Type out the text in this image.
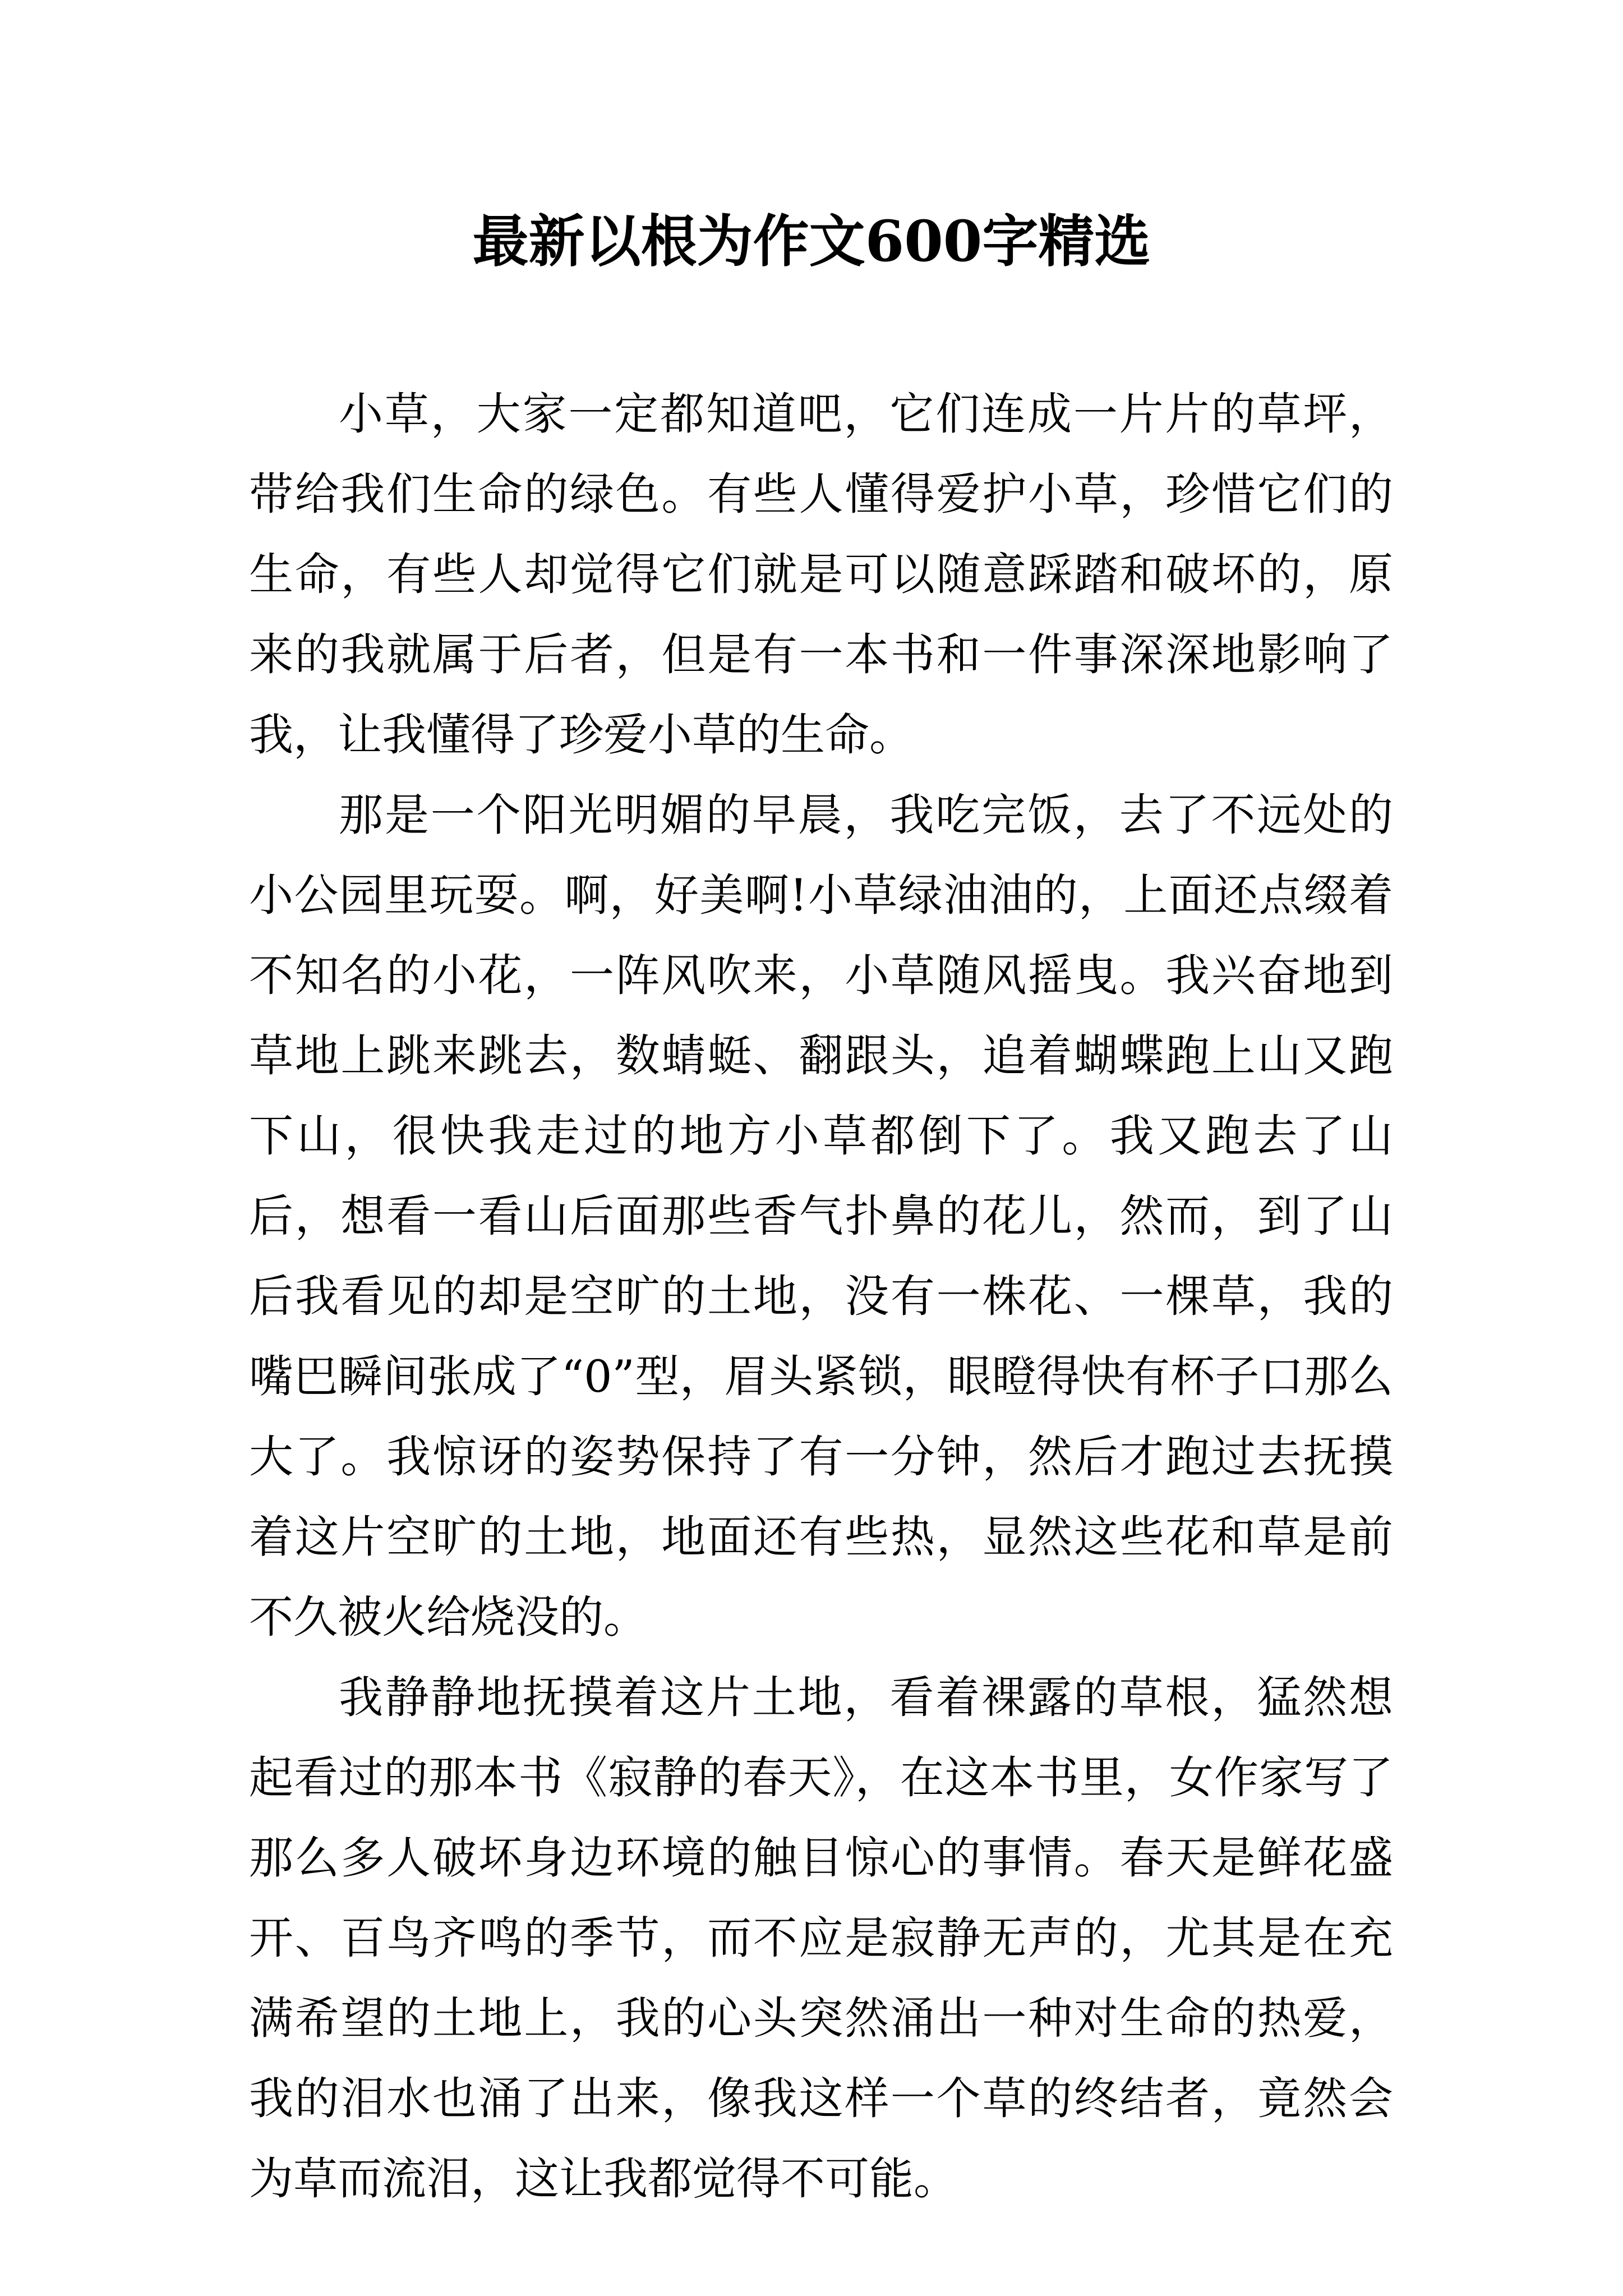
最新以根为作文600字精选

小草，大家一定都知道吧，它们连成一片片的草坪，带给我们生命的绿色。有些人懂得爱护小草，珍惜它们的生命，有些人却觉得它们就是可以随意踩踏和破坏的，原来的我就属于后者，但是有一本书和一件事深深地影响了我，让我懂得了珍爱小草的生命。

那是一个阳光明媚的早晨，我吃完饭，去了不远处的小公园里玩耍。啊，好美啊!小草绿油油的，上面还点缀着不知名的小花，一阵风吹来，小草随风摇曳。我兴奋地到草地上跳来跳去，数蜻蜓、翻跟头，追着蝴蝶跑上山又跑下山，很快我走过的地方小草都倒下了。我又跑去了山后，想看一看山后面那些香气扑鼻的花儿，然而，到了山后我看见的却是空旷的土地，没有一株花、一棵草，我的嘴巴瞬间张成了“0”型，眉头紧锁，眼瞪得快有杯子口那么大了。我惊讶的姿势保持了有一分钟，然后才跑过去抚摸着这片空旷的土地，地面还有些热，显然这些花和草是前不久被火给烧没的。

我静静地抚摸着这片土地，看着裸露的草根，猛然想起看过的那本书《寂静的春天》，在这本书里，女作家写了那么多人破坏身边环境的触目惊心的事情。春天是鲜花盛开、百鸟齐鸣的季节，而不应是寂静无声的，尤其是在充满希望的土地上，我的心头突然涌出一种对生命的热爱，我的泪水也涌了出来，像我这样一个草的终结者，竟然会为草而流泪，这让我都觉得不可能。
